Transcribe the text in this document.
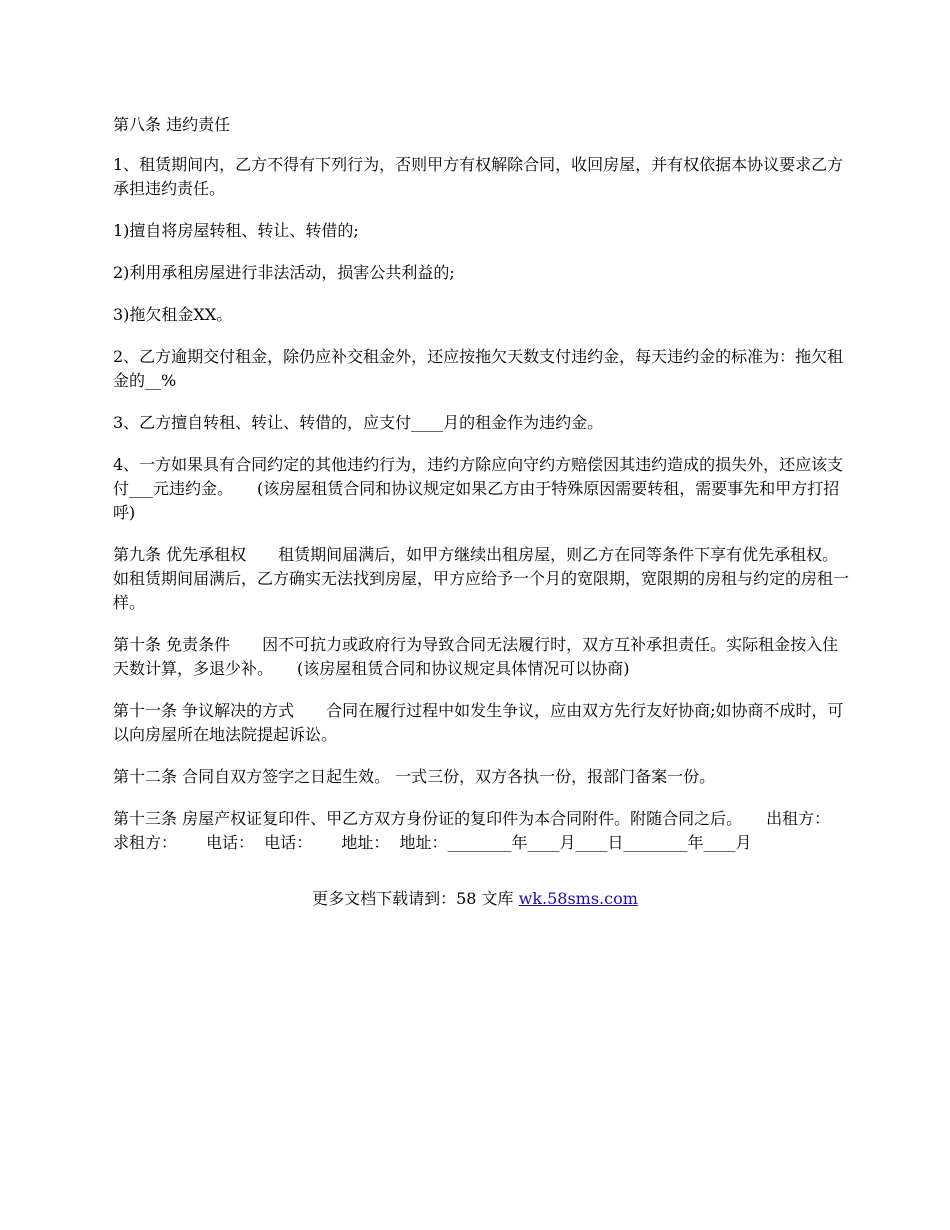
第八条 违约责任

1、租赁期间内，乙方不得有下列行为，否则甲方有权解除合同，收回房屋，并有权依据本协议要求乙方承担违约责任。

1)擅自将房屋转租、转让、转借的;

2)利用承租房屋进行非法活动，损害公共利益的;

3)拖欠租金XX。

2、乙方逾期交付租金，除仍应补交租金外，还应按拖欠天数支付违约金，每天违约金的标准为：拖欠租金的__%

3、乙方擅自转租、转让、转借的，应支付____月的租金作为违约金。

4、一方如果具有合同约定的其他违约行为，违约方除应向守约方赔偿因其违约造成的损失外，还应该支付___元违约金。　　(该房屋租赁合同和协议规定如果乙方由于特殊原因需要转租，需要事先和甲方打招呼)

第九条 优先承租权　　租赁期间届满后，如甲方继续出租房屋，则乙方在同等条件下享有优先承租权。如租赁期间届满后，乙方确实无法找到房屋，甲方应给予一个月的宽限期，宽限期的房租与约定的房租一样。

第十条 免责条件　　因不可抗力或政府行为导致合同无法履行时，双方互补承担责任。实际租金按入住天数计算，多退少补。　　(该房屋租赁合同和协议规定具体情况可以协商)

第十一条 争议解决的方式　　合同在履行过程中如发生争议，应由双方先行友好协商;如协商不成时，可以向房屋所在地法院提起诉讼。

第十二条 合同自双方签字之日起生效。 一式三份，双方各执一份，报部门备案一份。

第十三条 房屋产权证复印件、甲乙方双方身份证的复印件为本合同附件。附随合同之后。　　出租方：  求租方：　　 电话：  电话：　　 地址：  地址：________年____月____日________年____月

更多文档下载请到：58 文库 wk.58sms.com
